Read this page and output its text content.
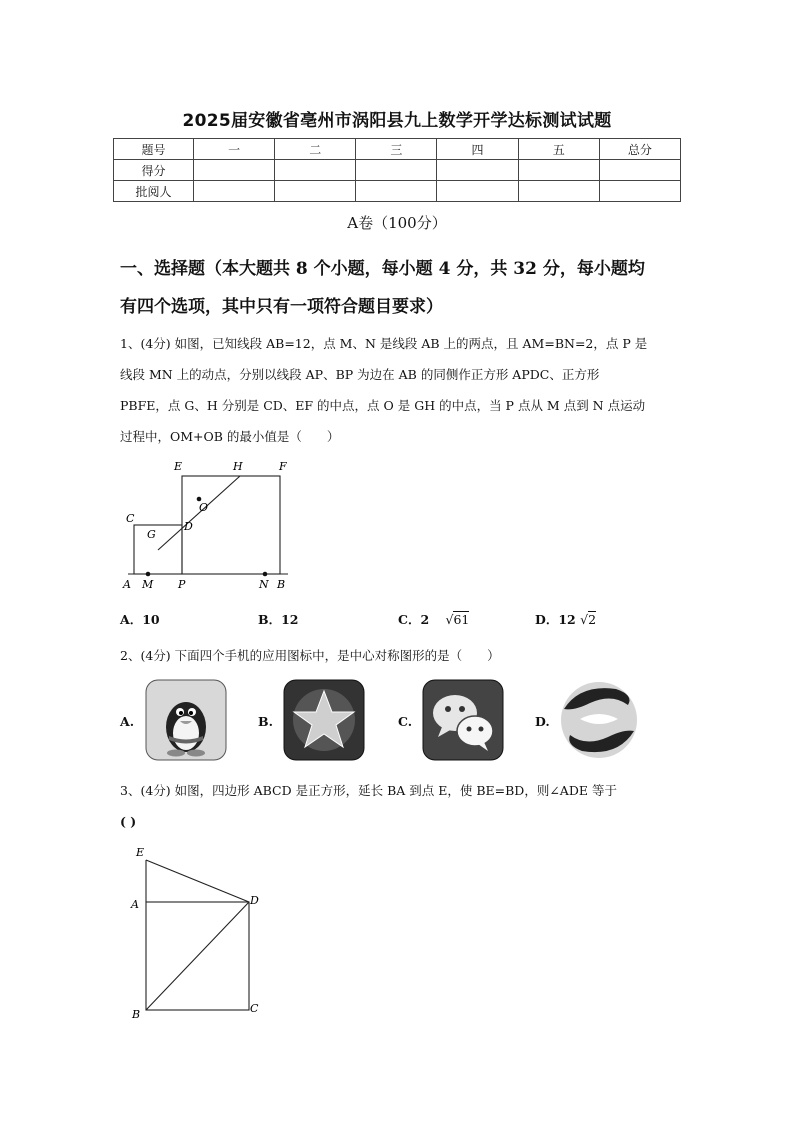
2025届安徽省亳州市涡阳县九上数学开学达标测试试题
题号	一	二	三	四	五	总分
得分						
批阅人						
A卷（100分）
一、选择题（本大题共 8 个小题，每小题 4 分，共 32 分，每小题均
有四个选项，其中只有一项符合题目要求）
1、(4分) 如图，已知线段 AB=12，点 M、N 是线段 AB 上的两点，且 AM=BN=2，点 P 是
线段 MN 上的动点，分别以线段 AP、BP 为边在 AB 的同侧作正方形 APDC、正方形
PBFE，点 G、H 分别是 CD、EF 的中点，点 O 是 GH 的中点，当 P 点从 M 点到 N 点运动
过程中，OM+OB 的最小值是（　　）
E	H	F
O
C
G
D
A M P	N B
A．10	B．12	C．2 √61	D．12 √2
2、(4分) 下面四个手机的应用图标中，是中心对称图形的是（　　）
A.	B.	C.	D.
3、(4分) 如图，四边形 ABCD 是正方形，延长 BA 到点 E，使 BE=BD，则∠ADE 等于
( )
E
A	D
B	C
